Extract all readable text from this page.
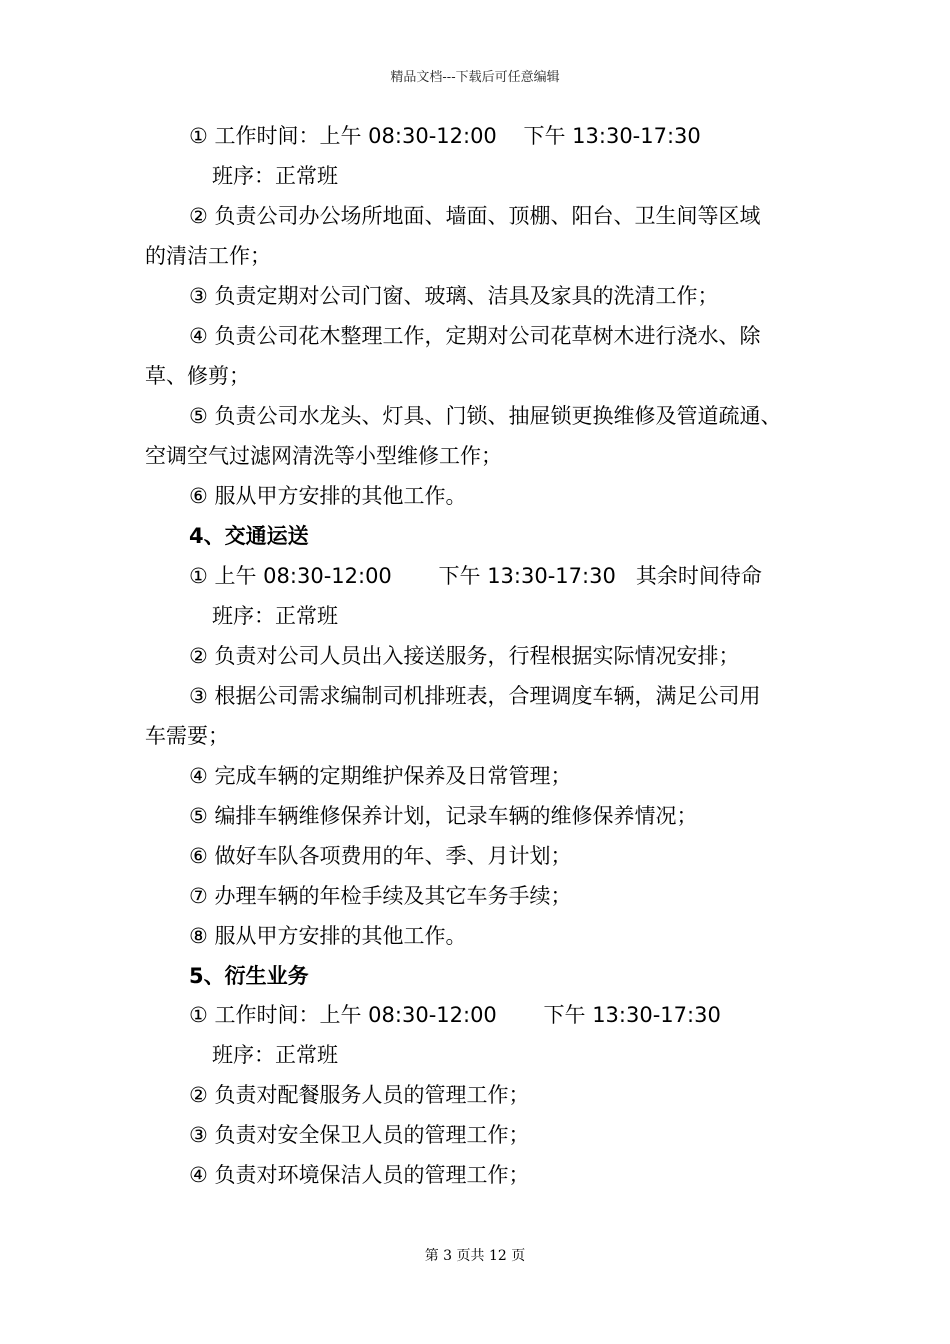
精品文档---下载后可任意编辑
① 工作时间：上午 08:30-12:00    下午 13:30-17:30
班序：正常班
② 负责公司办公场所地面、墙面、顶棚、阳台、卫生间等区域
的清洁工作；
③ 负责定期对公司门窗、玻璃、洁具及家具的洗清工作；
④ 负责公司花木整理工作，定期对公司花草树木进行浇水、除
草、修剪；
⑤ 负责公司水龙头、灯具、门锁、抽屉锁更换维修及管道疏通、
空调空气过滤网清洗等小型维修工作；
⑥ 服从甲方安排的其他工作。
4、交通运送
① 上午 08:30-12:00       下午 13:30-17:30   其余时间待命
班序：正常班
② 负责对公司人员出入接送服务，行程根据实际情况安排；
③ 根据公司需求编制司机排班表，合理调度车辆，满足公司用
车需要；
④ 完成车辆的定期维护保养及日常管理；
⑤ 编排车辆维修保养计划，记录车辆的维修保养情况；
⑥ 做好车队各项费用的年、季、月计划；
⑦ 办理车辆的年检手续及其它车务手续；
⑧ 服从甲方安排的其他工作。
5、衍生业务
① 工作时间：上午 08:30-12:00       下午 13:30-17:30
班序：正常班
② 负责对配餐服务人员的管理工作；
③ 负责对安全保卫人员的管理工作；
④ 负责对环境保洁人员的管理工作；
第 3 页共 12 页
